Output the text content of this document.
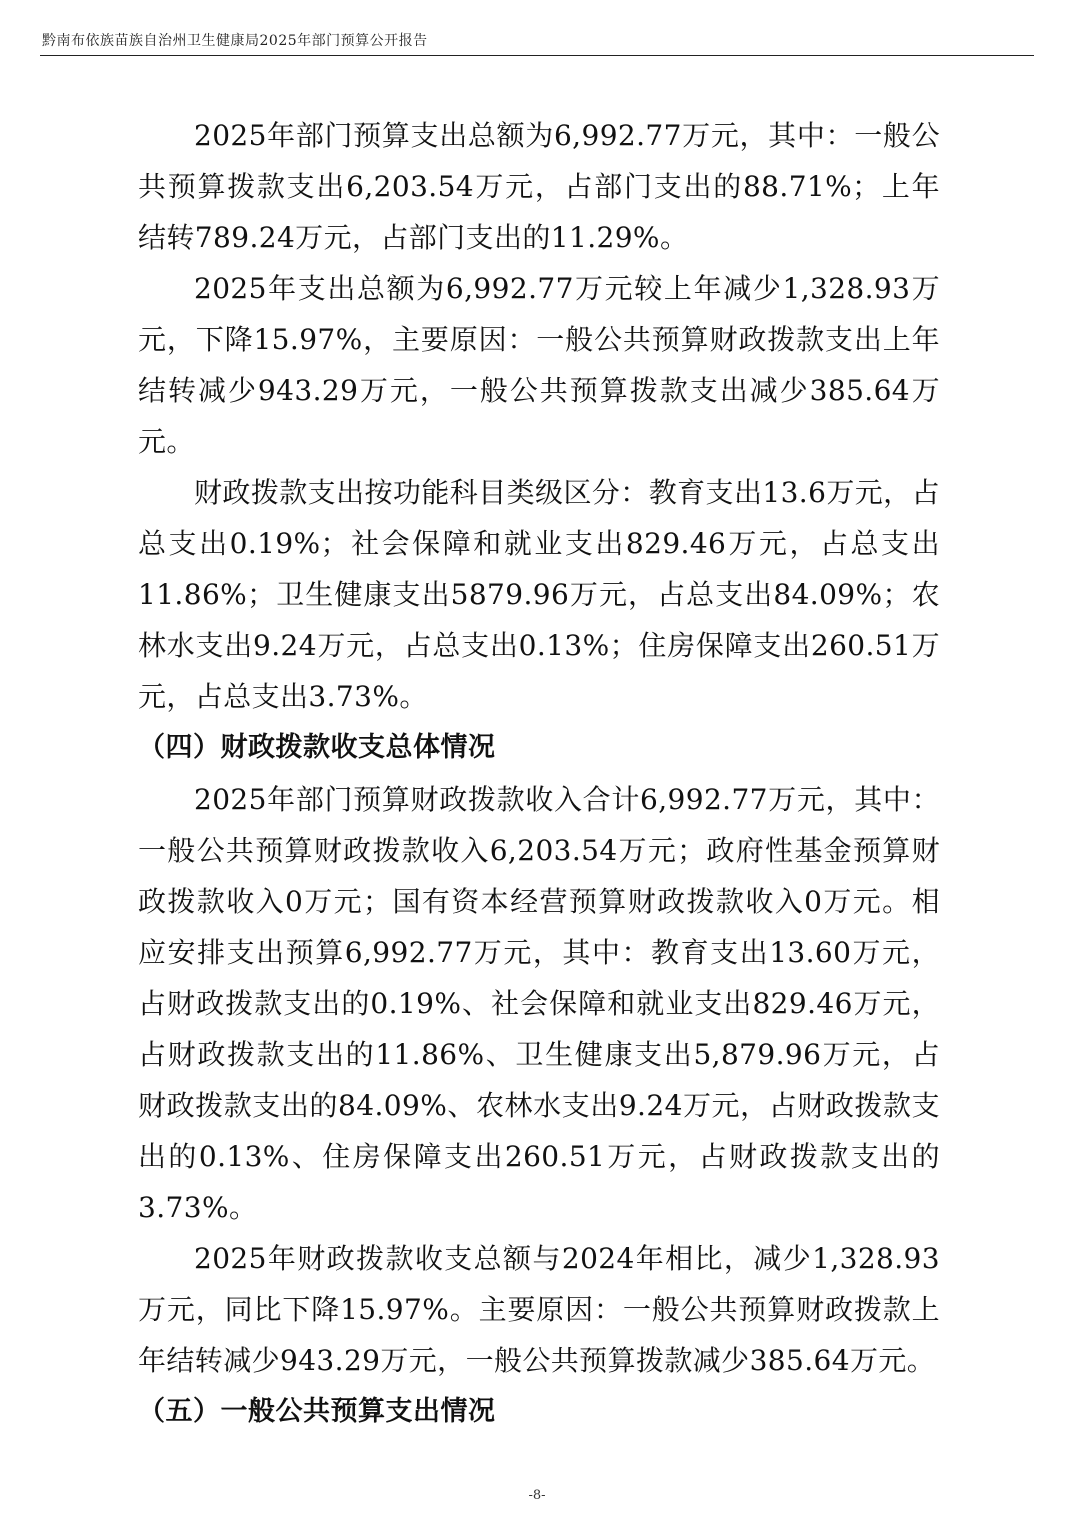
黔南布依族苗族自治州卫生健康局2025年部门预算公开报告

2025年部门预算支出总额为6,992.77万元，其中：一般公共预算拨款支出6,203.54万元，占部门支出的88.71%；上年结转789.24万元，占部门支出的11.29%。

2025年支出总额为6,992.77万元较上年减少1,328.93万元，下降15.97%，主要原因：一般公共预算财政拨款支出上年结转减少943.29万元，一般公共预算拨款支出减少385.64万元。

财政拨款支出按功能科目类级区分：教育支出13.6万元，占总支出0.19%；社会保障和就业支出829.46万元，占总支出11.86%；卫生健康支出5879.96万元，占总支出84.09%；农林水支出9.24万元，占总支出0.13%；住房保障支出260.51万元，占总支出3.73%。

（四）财政拨款收支总体情况

2025年部门预算财政拨款收入合计6,992.77万元，其中：一般公共预算财政拨款收入6,203.54万元；政府性基金预算财政拨款收入0万元；国有资本经营预算财政拨款收入0万元。相应安排支出预算6,992.77万元，其中：教育支出13.60万元，占财政拨款支出的0.19%、社会保障和就业支出829.46万元，占财政拨款支出的11.86%、卫生健康支出5,879.96万元，占财政拨款支出的84.09%、农林水支出9.24万元，占财政拨款支出的0.13%、住房保障支出260.51万元，占财政拨款支出的3.73%。

2025年财政拨款收支总额与2024年相比，减少1,328.93万元，同比下降15.97%。主要原因：一般公共预算财政拨款上年结转减少943.29万元，一般公共预算拨款减少385.64万元。

（五）一般公共预算支出情况
-8-
